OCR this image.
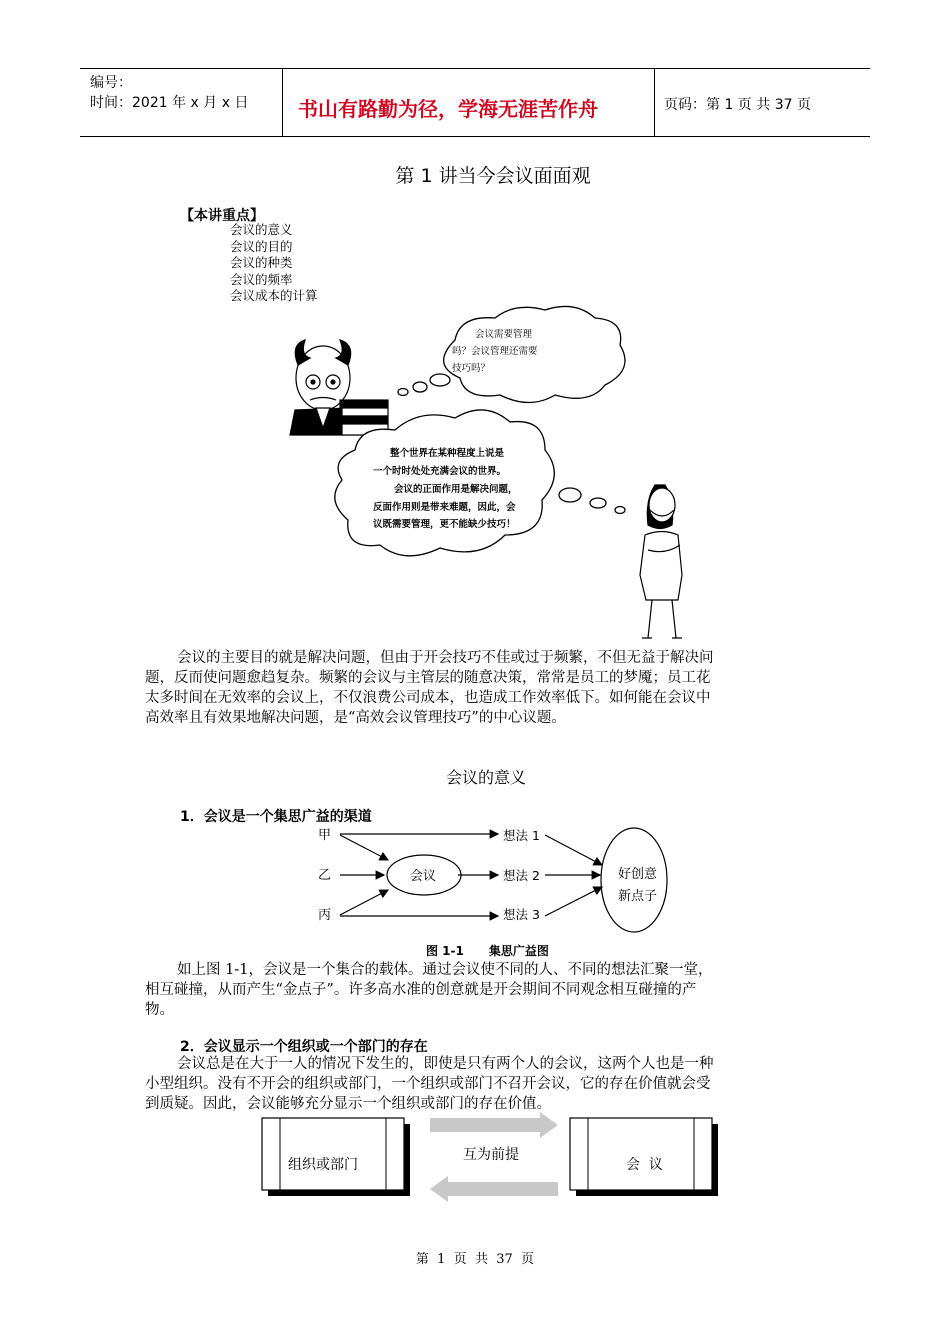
编号：
时间：2021 年 x 月 x 日 书山有路勤为径，学海无涯苦作舟	页码：第 1 页 共 37 页
第 1 讲当今会议面面观
【本讲重点】
会议的意义
会议的目的
会议的种类
会议的频率
会议成本的计算
会议需要管理
吗？会议管理还需要
技巧吗？
整个世界在某种程度上说是
一个时时处处充满会议的世界。
会议的正面作用是解决问题，
反面作用则是带来难题，因此，会
议既需要管理，更不能缺少技巧！
会议的主要目的就是解决问题，但由于开会技巧不佳或过于频繁，不但无益于解决问
题，反而使问题愈趋复杂。频繁的会议与主管层的随意决策，常常是员工的梦魇；员工花
太多时间在无效率的会议上，不仅浪费公司成本，也造成工作效率低下。如何能在会议中
高效率且有效果地解决问题，是“高效会议管理技巧”的中心议题。
会议的意义
1．会议是一个集思广益的渠道
甲
乙
丙
会议
想法 1
想法 2
想法 3
好创意
新点子
图 1-1      集思广益图
如上图 1-1，会议是一个集合的载体。通过会议使不同的人、不同的想法汇聚一堂，
相互碰撞，从而产生“金点子”。许多高水准的创意就是开会期间不同观念相互碰撞的产
物。
2．会议显示一个组织或一个部门的存在
会议总是在大于一人的情况下发生的，即使是只有两个人的会议，这两个人也是一种
小型组织。没有不开会的组织或部门，一个组织或部门不召开会议，它的存在价值就会受
到质疑。因此，会议能够充分显示一个组织或部门的存在价值。
组织或部门
互为前提
会  议
第  1  页  共  37  页
